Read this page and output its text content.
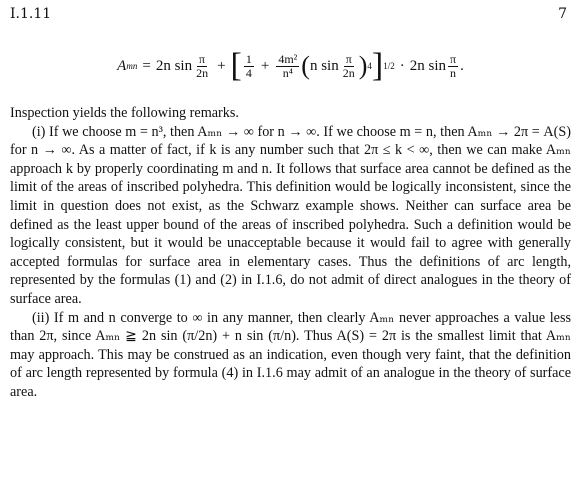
I.1.11	7
A mn = 2n $\sin \frac{\pi}{2n}$ + [ $\frac{1}{4} + \frac{\text{4m²}}{\text{n⁴}}$ ( n $\sin \frac{\pi}{2n}$ ) 4 ] 1/2 · 2n $\sin \frac{\pi}{n}$ .

Inspection yields the following remarks.

(i) If we choose m = n³, then Aₘₙ → ∞ for n → ∞. If we choose m = n, then Aₘₙ → 2π = A(S) for n → ∞. As a matter of fact, if k is any number such that 2π ≤ k < ∞, then we can make Aₘₙ approach k by properly coordinating m and n. It follows that surface area cannot be defined as the limit of the areas of inscribed polyhedra. This definition would be logically inconsistent, since the limit in question does not exist, as the Schwarz example shows. Neither can surface area be defined as the least upper bound of the areas of inscribed polyhedra. Such a definition would be logically consistent, but it would be unacceptable because it would fail to agree with generally accepted formulas for surface area in elementary cases. Thus the definitions of arc length, represented by the formulas (1) and (2) in I.1.6, do not admit of direct analogues in the theory of surface area.

(ii) If m and n converge to ∞ in any manner, then clearly Aₘₙ never approaches a value less than 2π, since Aₘₙ ≧ 2n sin (π/2n) + n sin (π/n). Thus A(S) = 2π is the smallest limit that Aₘₙ may approach. This may be construed as an indication, even though very faint, that the definition of arc length represented by formula (4) in I.1.6 may admit of an analogue in the theory of surface area.
